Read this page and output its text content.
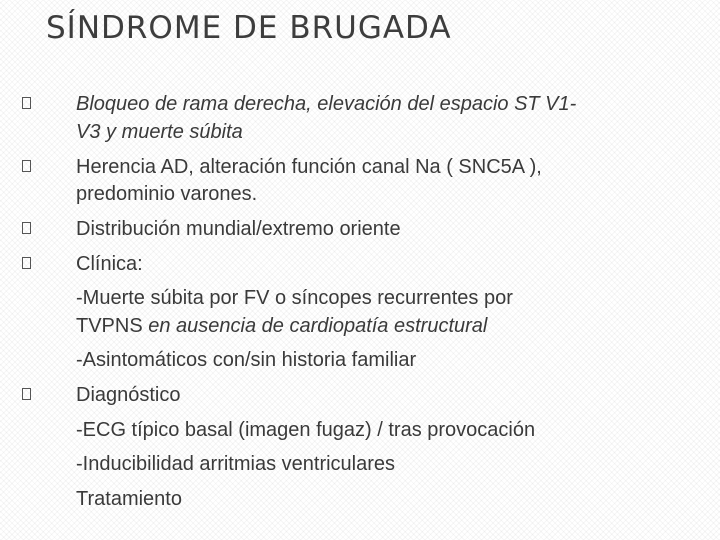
SÍNDROME DE BRUGADA
Bloqueo de rama derecha, elevación del espacio ST V1-
V3 y muerte súbita
Herencia AD, alteración función canal Na ( SNC5A ),
predominio varones.
Distribución mundial/extremo oriente
Clínica:
-Muerte súbita por FV o síncopes recurrentes por
TVPNS en ausencia de cardiopatía estructural
-Asintomáticos con/sin historia familiar
Diagnóstico
-ECG típico basal (imagen fugaz) / tras provocación
-Inducibilidad arritmias ventriculares
Tratamiento
